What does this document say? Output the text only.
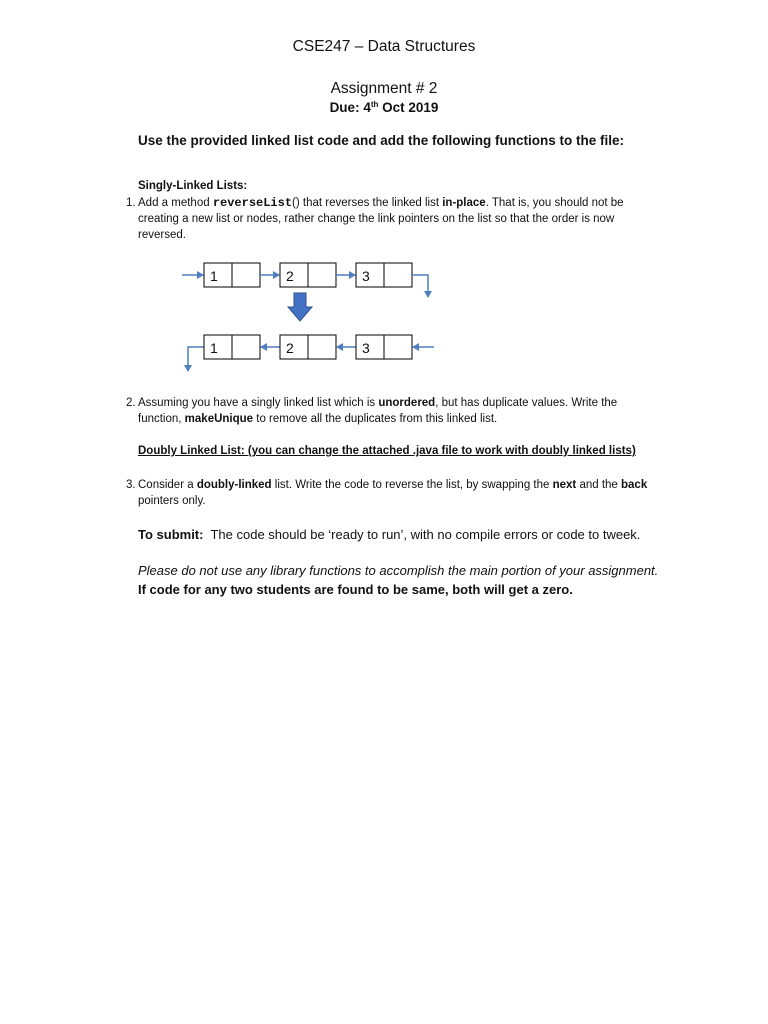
CSE247 – Data Structures
Assignment # 2
Due: 4th Oct 2019
Use the provided linked list code and add the following functions to the file:
Singly-Linked Lists:
1. Add a method reverseList() that reverses the linked list in-place. That is, you should not be creating a new list or nodes, rather change the link pointers on the list so that the order is now reversed.
1	2	3
1	2	3
2. Assuming you have a singly linked list which is unordered, but has duplicate values. Write the function, makeUnique to remove all the duplicates from this linked list.
Doubly Linked List: (you can change the attached .java file to work with doubly linked lists)
3. Consider a doubly-linked list. Write the code to reverse the list, by swapping the next and the back pointers only.
To submit:  The code should be ‘ready to run’, with no compile errors or code to tweek.
Please do not use any library functions to accomplish the main portion of your assignment.
If code for any two students are found to be same, both will get a zero.
